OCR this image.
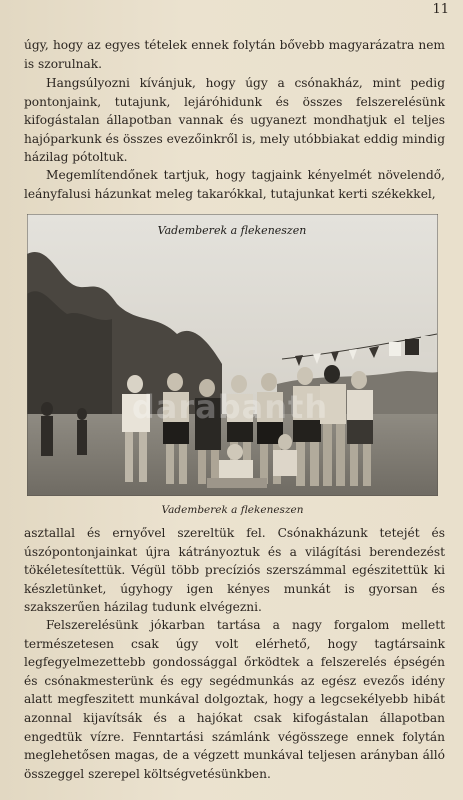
11

úgy, hogy az egyes tételek ennek folytán bővebb magyarázatra nem is szorulnak.

Hangsúlyozni kívánjuk, hogy úgy a csónakház, mint pedig pontonjaink, tutajunk, lejáróhidunk és összes felszerelésünk kifogástalan állapotban vannak és ugyanezt mondhatjuk el teljes hajóparkunk és összes evezőinkről is, mely utóbbiakat eddig mindig házilag pótoltuk.

Megemlítendőnek tartjuk, hogy tagjaink kényelmét növelendő, leányfalusi házunkat meleg takarókkal, tutajunkat kerti székekkel,

Vademberek a flekeneszen
darabanth
Vademberek a flekeneszen

asztallal és ernyővel szereltük fel. Csónakházunk tetejét és úszópontonjainkat újra kátrányoztuk és a világítási berendezést tökéletesítettük. Végül több precíziós szerszámmal egészitettük ki készletünket, úgyhogy igen kényes munkát is gyorsan és szakszerűen házilag tudunk elvégezni.

Felszerelésünk jókarban tartása a nagy forgalom mellett természetesen csak úgy volt elérhető, hogy tagtársaink legfegyelmezettebb gondossággal őrködtek a felszerelés épségén és csónakmesterünk és egy segédmunkás az egész evezős idény alatt megfeszitett munkával dolgoztak, hogy a legcsekélyebb hibát azonnal kijavítsák és a hajókat csak kifogástalan állapotban engedtük vízre. Fenntartási számlánk végösszege ennek folytán meglehetősen magas, de a végzett munkával teljesen arányban álló összeggel szerepel költségvetésünkben.
